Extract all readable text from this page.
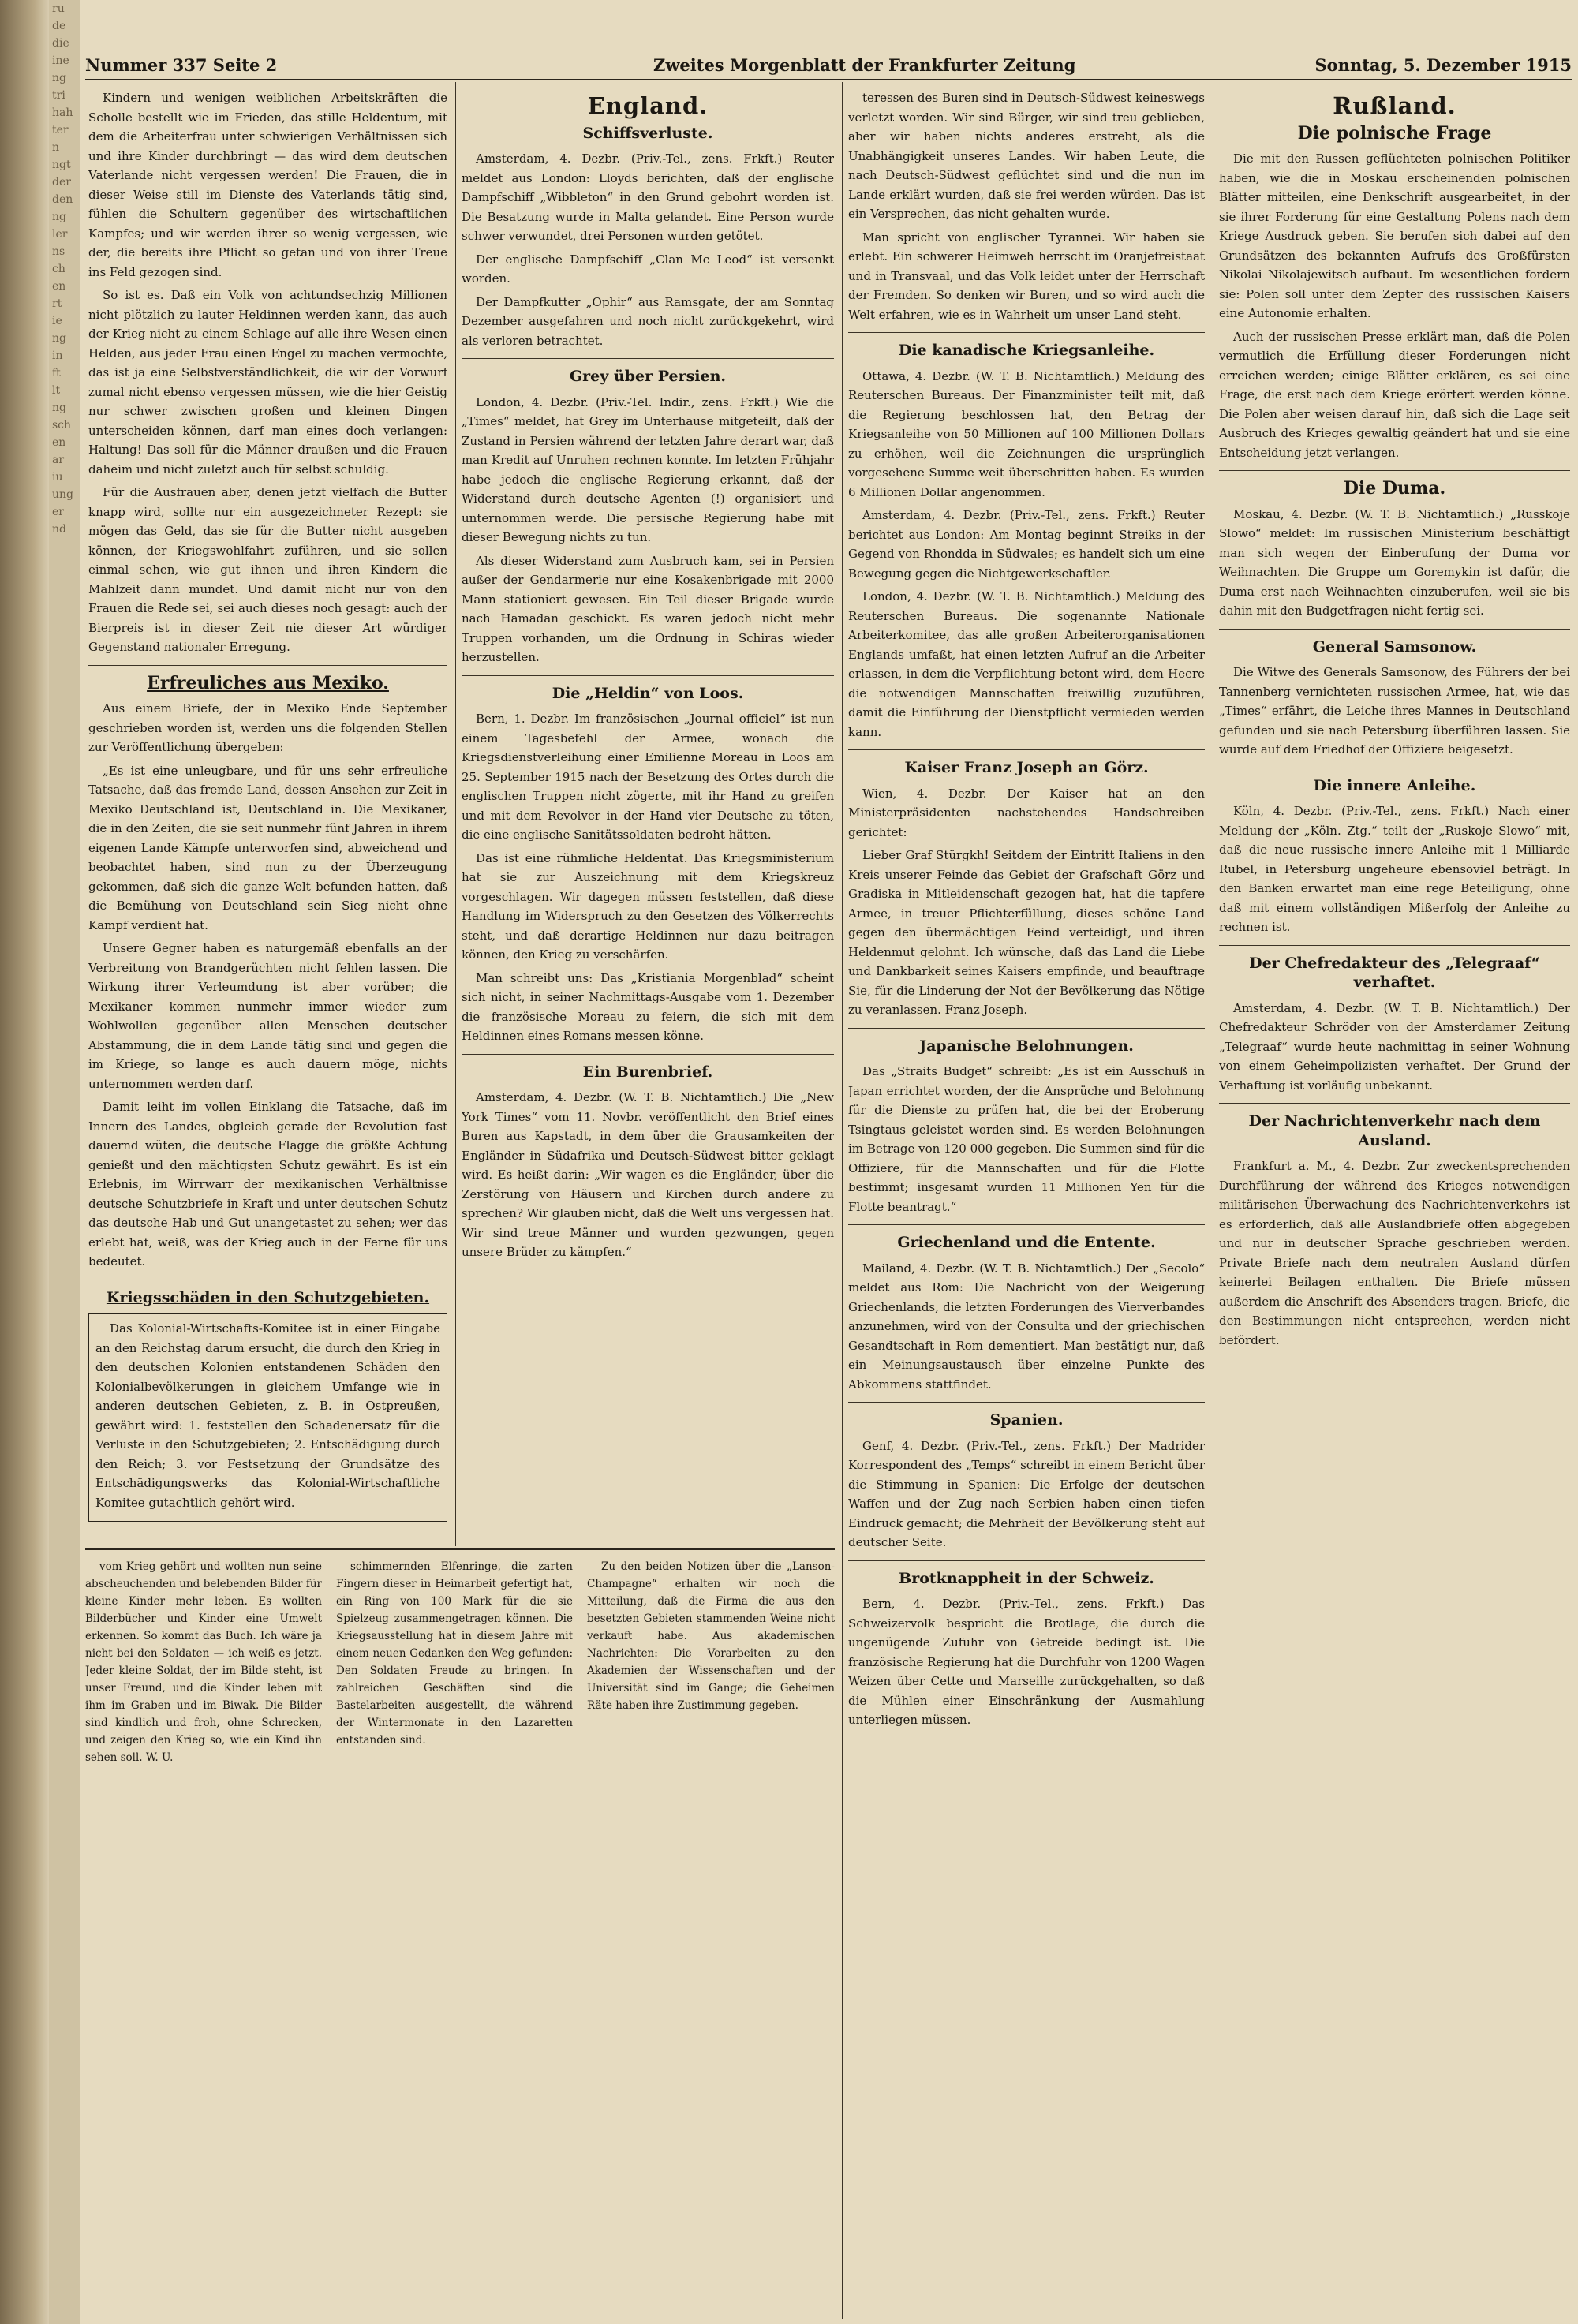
ru
de
die
ine
ng
tri
hah
ter
n
ngt
der
den
ng
ler
ns
ch
en
rt
ie
ng
in
ft
lt
ng
sch
en
ar
iu
ung
er
nd
Nummer 337 Seite 2	Zweites Morgenblatt der Frankfurter Zeitung	Sonntag, 5. Dezember 1915

Kindern und wenigen weiblichen Arbeitskräften die Scholle bestellt wie im Frieden, das stille Heldentum, mit dem die Arbeiterfrau unter schwierigen Verhältnissen sich und ihre Kinder durchbringt — das wird dem deutschen Vaterlande nicht vergessen werden! Die Frauen, die in dieser Weise still im Dienste des Vaterlands tätig sind, fühlen die Schultern gegenüber des wirtschaftlichen Kampfes; und wir werden ihrer so wenig vergessen, wie der, die bereits ihre Pflicht so getan und von ihrer Treue ins Feld gezogen sind.

So ist es. Daß ein Volk von achtundsechzig Millionen nicht plötzlich zu lauter Heldinnen werden kann, das auch der Krieg nicht zu einem Schlage auf alle ihre Wesen einen Helden, aus jeder Frau einen Engel zu machen vermochte, das ist ja eine Selbstverständlichkeit, die wir der Vorwurf zumal nicht ebenso vergessen müssen, wie die hier Geistig nur schwer zwischen großen und kleinen Dingen unterscheiden können, darf man eines doch verlangen: Haltung! Das soll für die Männer draußen und die Frauen daheim und nicht zuletzt auch für selbst schuldig.

Für die Ausfrauen aber, denen jetzt vielfach die Butter knapp wird, sollte nur ein ausgezeichneter Rezept: sie mögen das Geld, das sie für die Butter nicht ausgeben können, der Kriegswohlfahrt zuführen, und sie sollen einmal sehen, wie gut ihnen und ihren Kindern die Mahlzeit dann mundet. Und damit nicht nur von den Frauen die Rede sei, sei auch dieses noch gesagt: auch der Bierpreis ist in dieser Zeit nie dieser Art würdiger Gegenstand nationaler Erregung.

Erfreuliches aus Mexiko.

Aus einem Briefe, der in Mexiko Ende September geschrieben worden ist, werden uns die folgenden Stellen zur Veröffentlichung übergeben:

„Es ist eine unleugbare, und für uns sehr erfreuliche Tatsache, daß das fremde Land, dessen Ansehen zur Zeit in Mexiko Deutschland ist, Deutschland in. Die Mexikaner, die in den Zeiten, die sie seit nunmehr fünf Jahren in ihrem eigenen Lande Kämpfe unterworfen sind, abweichend und beobachtet haben, sind nun zu der Überzeugung gekommen, daß sich die ganze Welt befunden hatten, daß die Bemühung von Deutschland sein Sieg nicht ohne Kampf verdient hat.

Unsere Gegner haben es naturgemäß ebenfalls an der Verbreitung von Brandgerüchten nicht fehlen lassen. Die Wirkung ihrer Verleumdung ist aber vorüber; die Mexikaner kommen nunmehr immer wieder zum Wohlwollen gegenüber allen Menschen deutscher Abstammung, die in dem Lande tätig sind und gegen die im Kriege, so lange es auch dauern möge, nichts unternommen werden darf.

Damit leiht im vollen Einklang die Tatsache, daß im Innern des Landes, obgleich gerade der Revolution fast dauernd wüten, die deutsche Flagge die größte Achtung genießt und den mächtigsten Schutz gewährt. Es ist ein Erlebnis, im Wirrwarr der mexikanischen Verhältnisse deutsche Schutzbriefe in Kraft und unter deutschen Schutz das deutsche Hab und Gut unangetastet zu sehen; wer das erlebt hat, weiß, was der Krieg auch in der Ferne für uns bedeutet.

Kriegsschäden in den Schutzgebieten.

Das Kolonial-Wirtschafts-Komitee ist in einer Eingabe an den Reichstag darum ersucht, die durch den Krieg in den deutschen Kolonien entstandenen Schäden den Kolonialbevölkerungen in gleichem Umfange wie in anderen deutschen Gebieten, z. B. in Ostpreußen, gewährt wird: 1. feststellen den Schadenersatz für die Verluste in den Schutzgebieten; 2. Entschädigung durch den Reich; 3. vor Festsetzung der Grundsätze des Entschädigungswerks das Kolonial-Wirtschaftliche Komitee gutachtlich gehört wird.

England.
Schiffsverluste.

Amsterdam, 4. Dezbr. (Priv.-Tel., zens. Frkft.) Reuter meldet aus London: Lloyds berichten, daß der englische Dampfschiff „Wibbleton“ in den Grund gebohrt worden ist. Die Besatzung wurde in Malta gelandet. Eine Person wurde schwer verwundet, drei Personen wurden getötet.

Der englische Dampfschiff „Clan Mc Leod“ ist versenkt worden.

Der Dampfkutter „Ophir“ aus Ramsgate, der am Sonntag Dezember ausgefahren und noch nicht zurückgekehrt, wird als verloren betrachtet.

Grey über Persien.

London, 4. Dezbr. (Priv.-Tel. Indir., zens. Frkft.) Wie die „Times“ meldet, hat Grey im Unterhause mitgeteilt, daß der Zustand in Persien während der letzten Jahre derart war, daß man Kredit auf Unruhen rechnen konnte. Im letzten Frühjahr habe jedoch die englische Regierung erkannt, daß der Widerstand durch deutsche Agenten (!) organisiert und unternommen werde. Die persische Regierung habe mit dieser Bewegung nichts zu tun.

Als dieser Widerstand zum Ausbruch kam, sei in Persien außer der Gendarmerie nur eine Kosakenbrigade mit 2000 Mann stationiert gewesen. Ein Teil dieser Brigade wurde nach Hamadan geschickt. Es waren jedoch nicht mehr Truppen vorhanden, um die Ordnung in Schiras wieder herzustellen.

Die „Heldin“ von Loos.

Bern, 1. Dezbr. Im französischen „Journal officiel“ ist nun einem Tagesbefehl der Armee, wonach die Kriegsdienstverleihung einer Emilienne Moreau in Loos am 25. September 1915 nach der Besetzung des Ortes durch die englischen Truppen nicht zögerte, mit ihr Hand zu greifen und mit dem Revolver in der Hand vier Deutsche zu töten, die eine englische Sanitätssoldaten bedroht hätten.

Das ist eine rühmliche Heldentat. Das Kriegsministerium hat sie zur Auszeichnung mit dem Kriegskreuz vorgeschlagen. Wir dagegen müssen feststellen, daß diese Handlung im Widerspruch zu den Gesetzen des Völkerrechts steht, und daß derartige Heldinnen nur dazu beitragen können, den Krieg zu verschärfen.

Man schreibt uns: Das „Kristiania Morgenblad“ scheint sich nicht, in seiner Nachmittags-Ausgabe vom 1. Dezember die französische Moreau zu feiern, die sich mit dem Heldinnen eines Romans messen könne.

Ein Burenbrief.

Amsterdam, 4. Dezbr. (W. T. B. Nichtamtlich.) Die „New York Times“ vom 11. Novbr. veröffentlicht den Brief eines Buren aus Kapstadt, in dem über die Grausamkeiten der Engländer in Südafrika und Deutsch-Südwest bitter geklagt wird. Es heißt darin: „Wir wagen es die Engländer, über die Zerstörung von Häusern und Kirchen durch andere zu sprechen? Wir glauben nicht, daß die Welt uns vergessen hat. Wir sind treue Männer und wurden gezwungen, gegen unsere Brüder zu kämpfen.“

teressen des Buren sind in Deutsch-Südwest keineswegs verletzt worden. Wir sind Bürger, wir sind treu geblieben, aber wir haben nichts anderes erstrebt, als die Unabhängigkeit unseres Landes. Wir haben Leute, die nach Deutsch-Südwest geflüchtet sind und die nun im Lande erklärt wurden, daß sie frei werden würden. Das ist ein Versprechen, das nicht gehalten wurde.

Man spricht von englischer Tyrannei. Wir haben sie erlebt. Ein schwerer Heimweh herrscht im Oranjefreistaat und in Transvaal, und das Volk leidet unter der Herrschaft der Fremden. So denken wir Buren, und so wird auch die Welt erfahren, wie es in Wahrheit um unser Land steht.

Die kanadische Kriegsanleihe.

Ottawa, 4. Dezbr. (W. T. B. Nichtamtlich.) Meldung des Reuterschen Bureaus. Der Finanzminister teilt mit, daß die Regierung beschlossen hat, den Betrag der Kriegsanleihe von 50 Millionen auf 100 Millionen Dollars zu erhöhen, weil die Zeichnungen die ursprünglich vorgesehene Summe weit überschritten haben. Es wurden 6 Millionen Dollar angenommen.

Amsterdam, 4. Dezbr. (Priv.-Tel., zens. Frkft.) Reuter berichtet aus London: Am Montag beginnt Streiks in der Gegend von Rhondda in Südwales; es handelt sich um eine Bewegung gegen die Nichtgewerkschaftler.

London, 4. Dezbr. (W. T. B. Nichtamtlich.) Meldung des Reuterschen Bureaus. Die sogenannte Nationale Arbeiterkomitee, das alle großen Arbeiterorganisationen Englands umfaßt, hat einen letzten Aufruf an die Arbeiter erlassen, in dem die Verpflichtung betont wird, dem Heere die notwendigen Mannschaften freiwillig zuzuführen, damit die Einführung der Dienstpflicht vermieden werden kann.

Kaiser Franz Joseph an Görz.

Wien, 4. Dezbr. Der Kaiser hat an den Ministerpräsidenten nachstehendes Handschreiben gerichtet:

Lieber Graf Stürgkh! Seitdem der Eintritt Italiens in den Kreis unserer Feinde das Gebiet der Grafschaft Görz und Gradiska in Mitleidenschaft gezogen hat, hat die tapfere Armee, in treuer Pflichterfüllung, dieses schöne Land gegen den übermächtigen Feind verteidigt, und ihren Heldenmut gelohnt. Ich wünsche, daß das Land die Liebe und Dankbarkeit seines Kaisers empfinde, und beauftrage Sie, für die Linderung der Not der Bevölkerung das Nötige zu veranlassen. Franz Joseph.

Japanische Belohnungen.

Das „Straits Budget“ schreibt: „Es ist ein Ausschuß in Japan errichtet worden, der die Ansprüche und Belohnung für die Dienste zu prüfen hat, die bei der Eroberung Tsingtaus geleistet worden sind. Es werden Belohnungen im Betrage von 120 000 gegeben. Die Summen sind für die Offiziere, für die Mannschaften und für die Flotte bestimmt; insgesamt wurden 11 Millionen Yen für die Flotte beantragt.“

Griechenland und die Entente.

Mailand, 4. Dezbr. (W. T. B. Nichtamtlich.) Der „Secolo“ meldet aus Rom: Die Nachricht von der Weigerung Griechenlands, die letzten Forderungen des Vierverbandes anzunehmen, wird von der Consulta und der griechischen Gesandtschaft in Rom dementiert. Man bestätigt nur, daß ein Meinungsaustausch über einzelne Punkte des Abkommens stattfindet.

Spanien.

Genf, 4. Dezbr. (Priv.-Tel., zens. Frkft.) Der Madrider Korrespondent des „Temps“ schreibt in einem Bericht über die Stimmung in Spanien: Die Erfolge der deutschen Waffen und der Zug nach Serbien haben einen tiefen Eindruck gemacht; die Mehrheit der Bevölkerung steht auf deutscher Seite.

Brotknappheit in der Schweiz.

Bern, 4. Dezbr. (Priv.-Tel., zens. Frkft.) Das Schweizervolk bespricht die Brotlage, die durch die ungenügende Zufuhr von Getreide bedingt ist. Die französische Regierung hat die Durchfuhr von 1200 Wagen Weizen über Cette und Marseille zurückgehalten, so daß die Mühlen einer Einschränkung der Ausmahlung unterliegen müssen.

Rußland.
Die polnische Frage

Die mit den Russen geflüchteten polnischen Politiker haben, wie die in Moskau erscheinenden polnischen Blätter mitteilen, eine Denkschrift ausgearbeitet, in der sie ihrer Forderung für eine Gestaltung Polens nach dem Kriege Ausdruck geben. Sie berufen sich dabei auf den Grundsätzen des bekannten Aufrufs des Großfürsten Nikolai Nikolajewitsch aufbaut. Im wesentlichen fordern sie: Polen soll unter dem Zepter des russischen Kaisers eine Autonomie erhalten.

Auch der russischen Presse erklärt man, daß die Polen vermutlich die Erfüllung dieser Forderungen nicht erreichen werden; einige Blätter erklären, es sei eine Frage, die erst nach dem Kriege erörtert werden könne. Die Polen aber weisen darauf hin, daß sich die Lage seit Ausbruch des Krieges gewaltig geändert hat und sie eine Entscheidung jetzt verlangen.

Die Duma.

Moskau, 4. Dezbr. (W. T. B. Nichtamtlich.) „Russkoje Slowo“ meldet: Im russischen Ministerium beschäftigt man sich wegen der Einberufung der Duma vor Weihnachten. Die Gruppe um Goremykin ist dafür, die Duma erst nach Weihnachten einzuberufen, weil sie bis dahin mit den Budgetfragen nicht fertig sei.

General Samsonow.

Die Witwe des Generals Samsonow, des Führers der bei Tannenberg vernichteten russischen Armee, hat, wie das „Times“ erfährt, die Leiche ihres Mannes in Deutschland gefunden und sie nach Petersburg überführen lassen. Sie wurde auf dem Friedhof der Offiziere beigesetzt.

Die innere Anleihe.

Köln, 4. Dezbr. (Priv.-Tel., zens. Frkft.) Nach einer Meldung der „Köln. Ztg.“ teilt der „Ruskoje Slowo“ mit, daß die neue russische innere Anleihe mit 1 Milliarde Rubel, in Petersburg ungeheure ebensoviel beträgt. In den Banken erwartet man eine rege Beteiligung, ohne daß mit einem vollständigen Mißerfolg der Anleihe zu rechnen ist.

Der Chefredakteur des „Telegraaf“ verhaftet.

Amsterdam, 4. Dezbr. (W. T. B. Nichtamtlich.) Der Chefredakteur Schröder von der Amsterdamer Zeitung „Telegraaf“ wurde heute nachmittag in seiner Wohnung von einem Geheimpolizisten verhaftet. Der Grund der Verhaftung ist vorläufig unbekannt.

Der Nachrichtenverkehr nach dem Ausland.

Frankfurt a. M., 4. Dezbr. Zur zweckentsprechenden Durchführung der während des Krieges notwendigen militärischen Überwachung des Nachrichtenverkehrs ist es erforderlich, daß alle Auslandbriefe offen abgegeben und nur in deutscher Sprache geschrieben werden. Private Briefe nach dem neutralen Ausland dürfen keinerlei Beilagen enthalten. Die Briefe müssen außerdem die Anschrift des Absenders tragen. Briefe, die den Bestimmungen nicht entsprechen, werden nicht befördert.

vom Krieg gehört und wollten nun seine abscheuchenden und belebenden Bilder für kleine Kinder mehr leben. Es wollten Bilderbücher und Kinder eine Umwelt erkennen. So kommt das Buch. Ich wäre ja nicht bei den Soldaten — ich weiß es jetzt. Jeder kleine Soldat, der im Bilde steht, ist unser Freund, und die Kinder leben mit ihm im Graben und im Biwak. Die Bilder sind kindlich und froh, ohne Schrecken, und zeigen den Krieg so, wie ein Kind ihn sehen soll. W. U.

schimmernden Elfenringe, die zarten Fingern dieser in Heimarbeit gefertigt hat, ein Ring von 100 Mark für die sie Spielzeug zusammengetragen können. Die Kriegsausstellung hat in diesem Jahre mit einem neuen Gedanken den Weg gefunden: Den Soldaten Freude zu bringen. In zahlreichen Geschäften sind die Bastelarbeiten ausgestellt, die während der Wintermonate in den Lazaretten entstanden sind.

Zu den beiden Notizen über die „Lanson-Champagne“ erhalten wir noch die Mitteilung, daß die Firma die aus den besetzten Gebieten stammenden Weine nicht verkauft habe. Aus akademischen Nachrichten: Die Vorarbeiten zu den Akademien der Wissenschaften und der Universität sind im Gange; die Geheimen Räte haben ihre Zustimmung gegeben.
